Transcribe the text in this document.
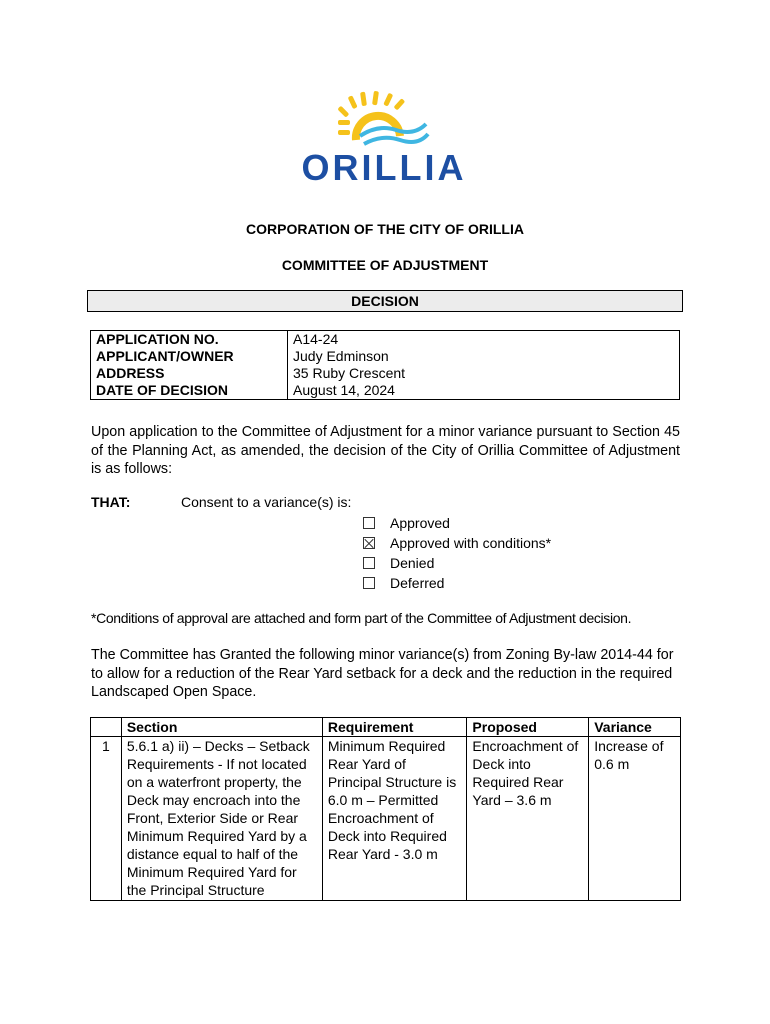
ORILLIA
CORPORATION OF THE CITY OF ORILLIA
COMMITTEE OF ADJUSTMENT
DECISION
APPLICATION NO.	A14-24
APPLICANT/OWNER	Judy Edminson
ADDRESS	35 Ruby Crescent
DATE OF DECISION	August 14, 2024
Upon application to the Committee of Adjustment for a minor variance pursuant to Section 45 of the Planning Act, as amended, the decision of the City of Orillia Committee of Adjustment is as follows:
THAT:	Consent to a variance(s) is:
Approved
Approved with conditions*
Denied
Deferred
*Conditions of approval are attached and form part of the Committee of Adjustment decision.
The Committee has Granted the following minor variance(s) from Zoning By-law 2014-44 for to allow for a reduction of the Rear Yard setback for a deck and the reduction in the required Landscaped Open Space.
	Section	Requirement	Proposed	Variance
1	5.6.1 a) ii) – Decks – Setback Requirements - If not located on a waterfront property, the Deck may encroach into the Front, Exterior Side or Rear Minimum Required Yard by a distance equal to half of the Minimum Required Yard for the Principal Structure	Minimum Required Rear Yard of Principal Structure is 6.0 m – Permitted Encroachment of Deck into Required Rear Yard - 3.0 m	Encroachment of Deck into Required Rear Yard – 3.6 m	Increase of 0.6 m
